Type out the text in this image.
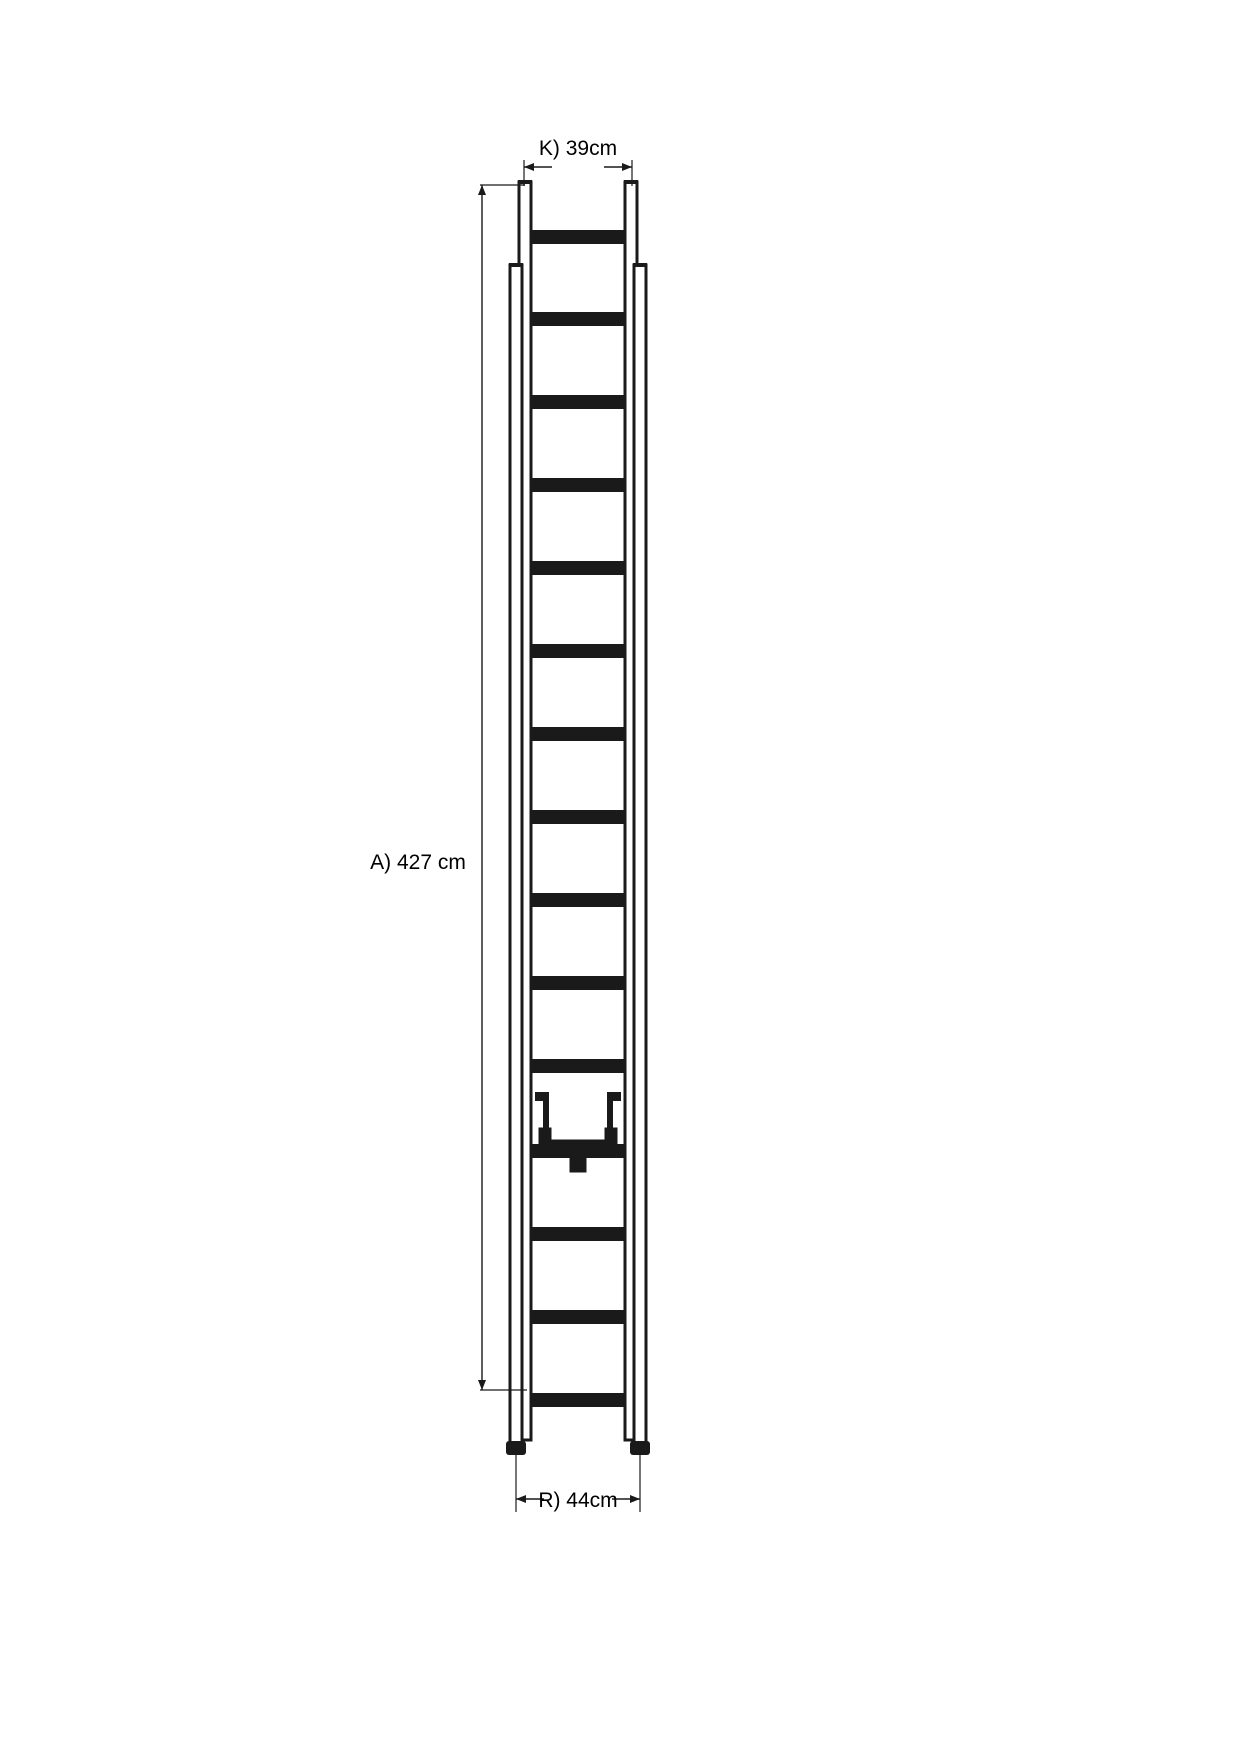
A) 427 cm
K) 39cm
R) 44cm
